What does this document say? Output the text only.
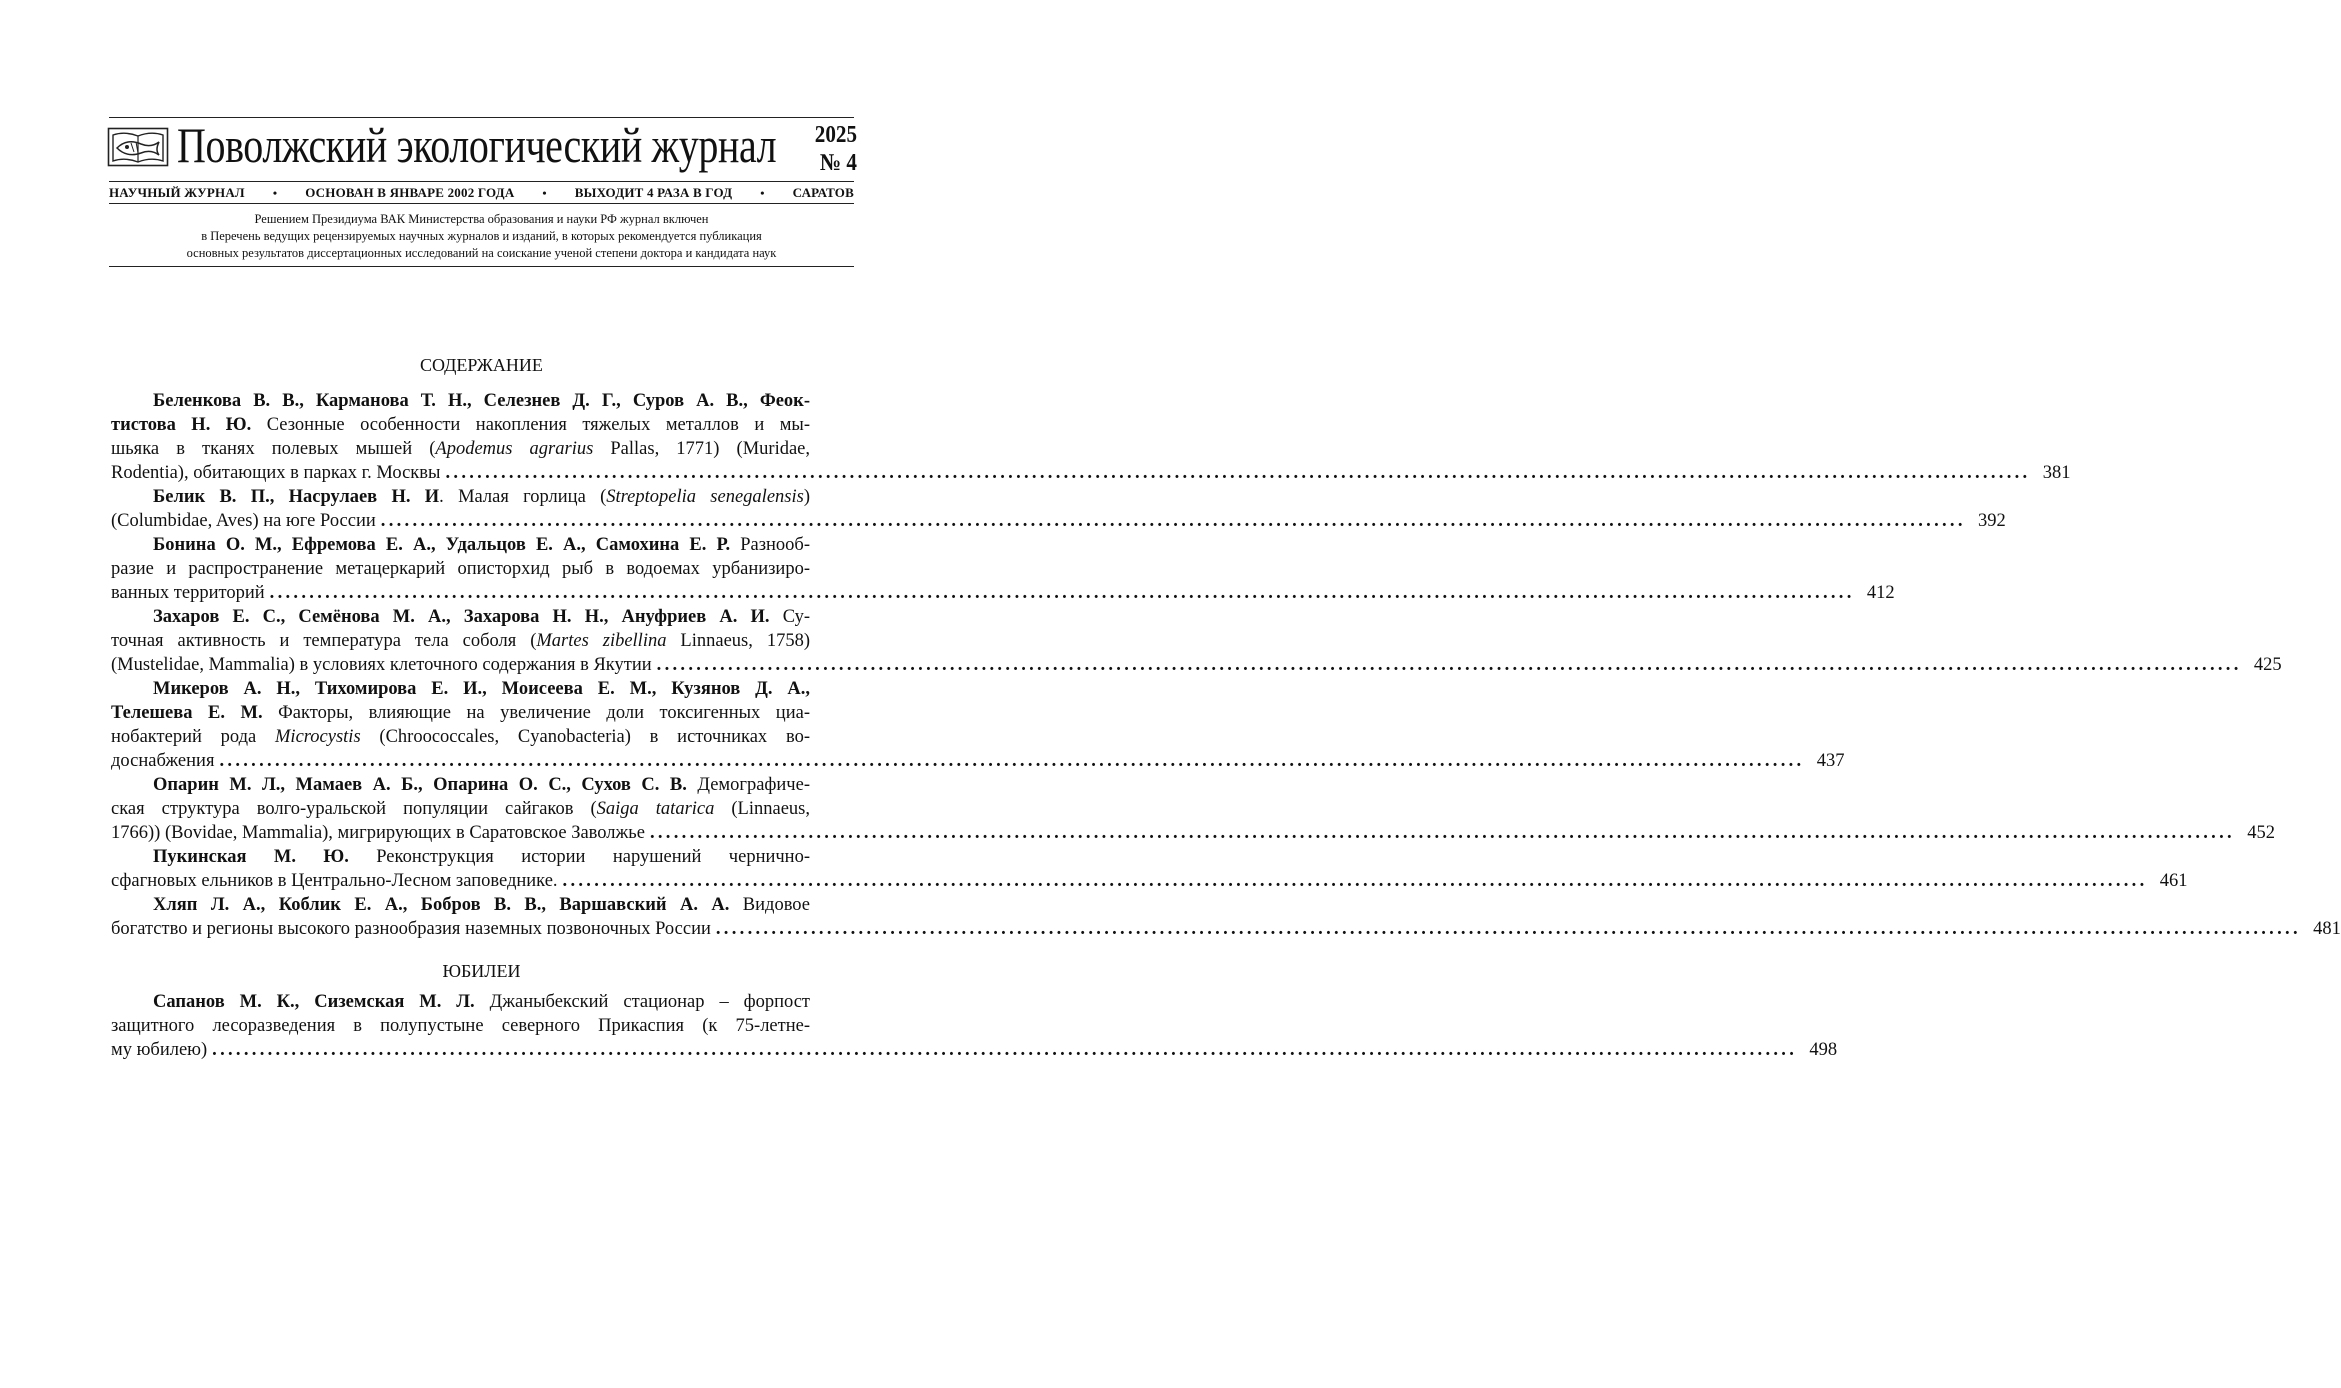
Поволжский экологический журнал 2025
№ 4
НАУЧНЫЙ ЖУРНАЛ • ОСНОВАН В ЯНВАРЕ 2002 ГОДА • ВЫХОДИТ 4 РАЗА В ГОД • САРАТОВ
Решением Президиума ВАК Министерства образования и науки РФ журнал включен
в Перечень ведущих рецензируемых научных журналов и изданий, в которых рекомендуется публикация
основных результатов диссертационных исследований на соискание ученой степени доктора и кандидата наук
СОДЕРЖАНИЕ
Беленкова В. В., Карманова Т. Н., Селезнев Д. Г., Суров А. В., Феок-
тистова Н. Ю. Сезонные особенности накопления тяжелых металлов и мы-
шьяка в тканях полевых мышей (Apodemus agrarius Pallas, 1771) (Muridae,
Rodentia), обитающих в парках г. Москвы ........................................................................................................................................................................................................ 381
Белик В. П., Насрулаев Н. И. Малая горлица (Streptopelia senegalensis)
(Columbidae, Aves) на юге России ........................................................................................................................................................................................................ 392
Бонина О. М., Ефремова Е. А., Удальцов Е. А., Самохина Е. Р. Разнооб-
разие и распространение метацеркарий описторхид рыб в водоемах урбанизиро-
ванных территорий ........................................................................................................................................................................................................ 412
Захаров Е. С., Семёнова М. А., Захарова Н. Н., Ануфриев А. И. Су-
точная активность и температура тела соболя (Martes zibellina Linnaeus, 1758)
(Mustelidae, Mammalia) в условиях клеточного содержания в Якутии ........................................................................................................................................................................................................ 425
Микеров А. Н., Тихомирова Е. И., Моисеева Е. М., Кузянов Д. А.,
Телешева Е. М. Факторы, влияющие на увеличение доли токсигенных циа-
нобактерий рода Microcystis (Chroococcales, Cyanobacteria) в источниках во-
доснабжения ........................................................................................................................................................................................................ 437
Опарин М. Л., Мамаев А. Б., Опарина О. С., Сухов С. В. Демографиче-
ская структура волго-уральской популяции сайгаков (Saiga tatarica (Linnaeus,
1766)) (Bovidae, Mammalia), мигрирующих в Саратовское Заволжье ........................................................................................................................................................................................................ 452
Пукинская М. Ю. Реконструкция истории нарушений чернично-
сфагновых ельников в Центрально-Лесном заповеднике. ........................................................................................................................................................................................................ 461
Хляп Л. А., Коблик Е. А., Бобров В. В., Варшавский А. А. Видовое
богатство и регионы высокого разнообразия наземных позвоночных России ........................................................................................................................................................................................................ 481
ЮБИЛЕИ
Сапанов М. К., Сиземская М. Л. Джаныбекский стационар – форпост
защитного лесоразведения в полупустыне северного Прикаспия (к 75-летне-
му юбилею) ........................................................................................................................................................................................................ 498
